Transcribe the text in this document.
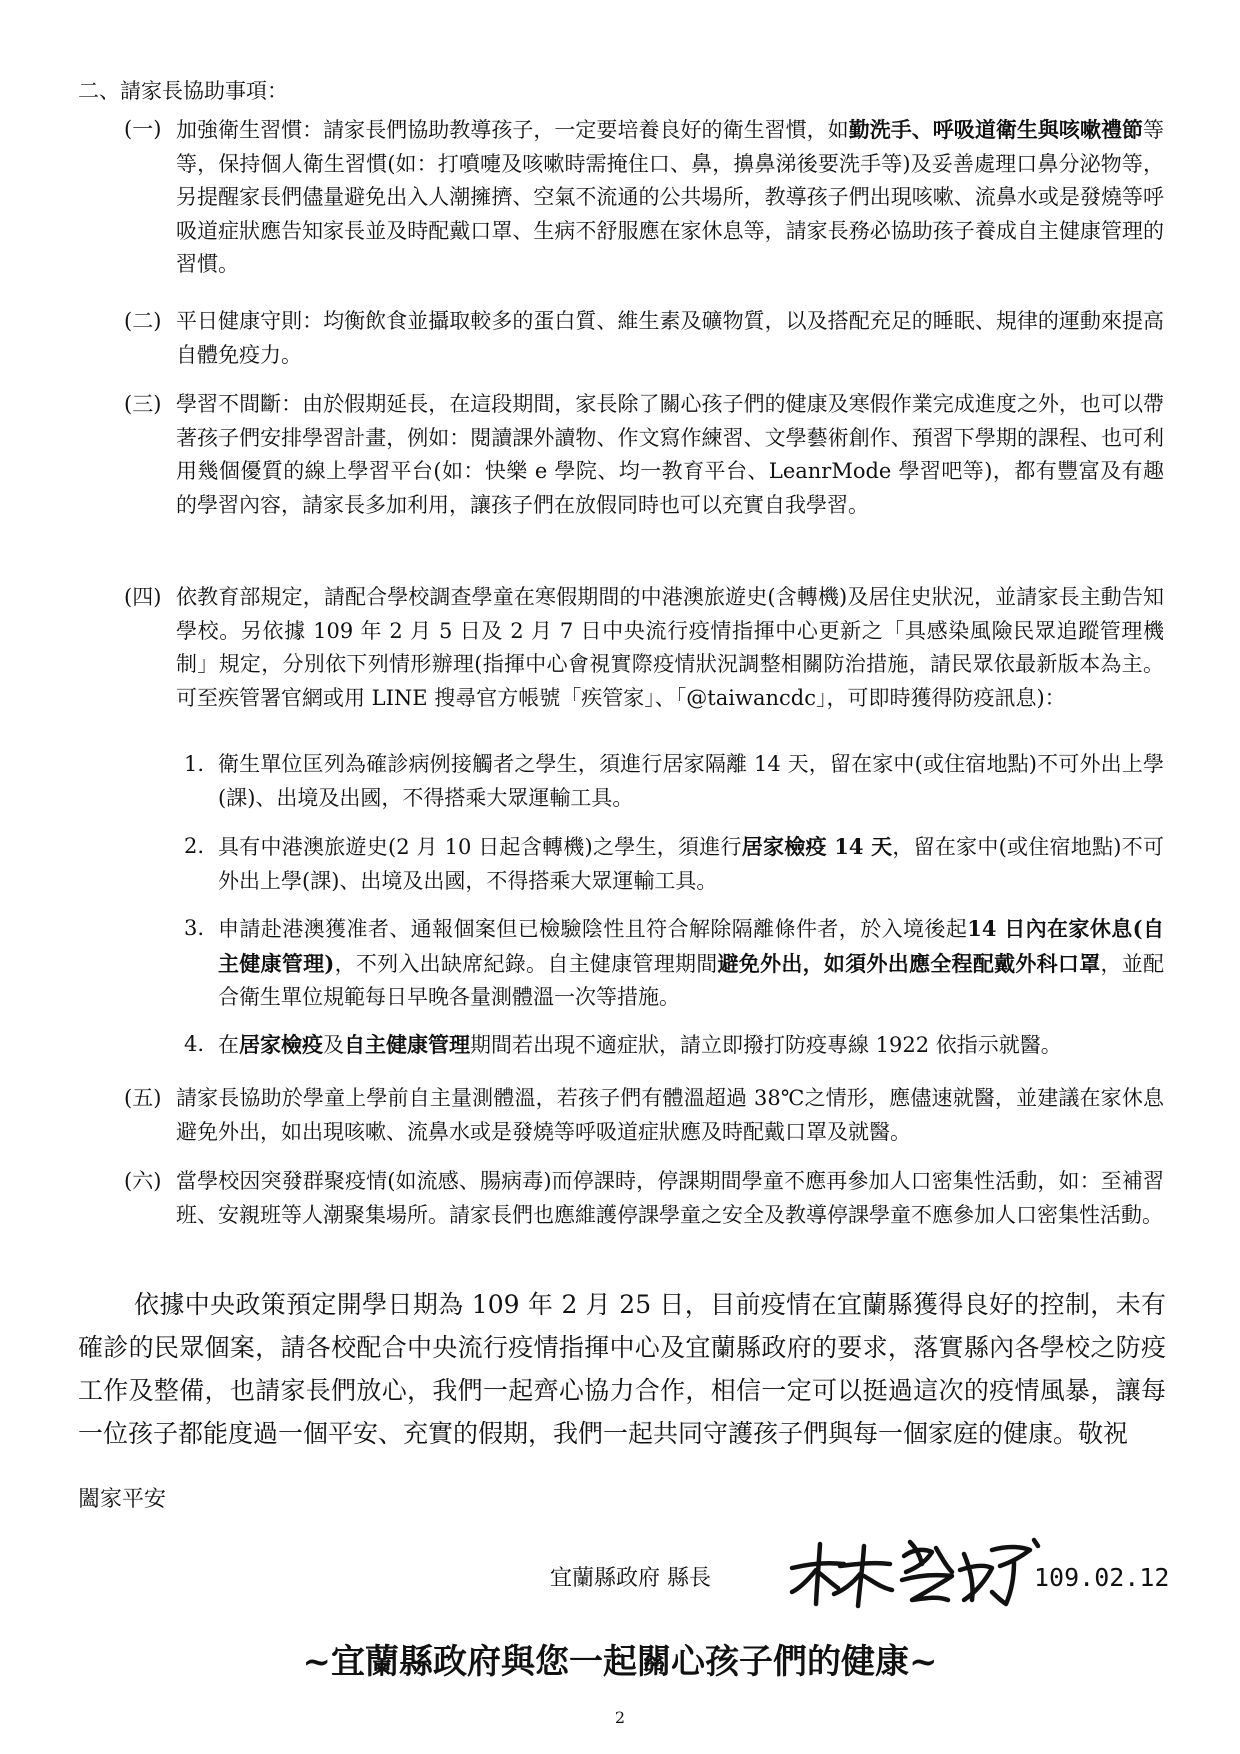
二、請家長協助事項：
(一) 加強衛生習慣：請家長們協助教導孩子，一定要培養良好的衛生習慣，如勤洗手、呼吸道衛生與咳嗽禮節等等，保持個人衛生習慣(如：打噴嚏及咳嗽時需掩住口、鼻，擤鼻涕後要洗手等)及妥善處理口鼻分泌物等，另提醒家長們儘量避免出入人潮擁擠、空氣不流通的公共場所，教導孩子們出現咳嗽、流鼻水或是發燒等呼吸道症狀應告知家長並及時配戴口罩、生病不舒服應在家休息等，請家長務必協助孩子養成自主健康管理的習慣。
(二) 平日健康守則：均衡飲食並攝取較多的蛋白質、維生素及礦物質，以及搭配充足的睡眠、規律的運動來提高自體免疫力。
(三) 學習不間斷：由於假期延長，在這段期間，家長除了關心孩子們的健康及寒假作業完成進度之外，也可以帶著孩子們安排學習計畫，例如：閱讀課外讀物、作文寫作練習、文學藝術創作、預習下學期的課程、也可利用幾個優質的線上學習平台(如：快樂 e 學院、均一教育平台、LeanrMode 學習吧等)，都有豐富及有趣的學習內容，請家長多加利用，讓孩子們在放假同時也可以充實自我學習。
(四) 依教育部規定，請配合學校調查學童在寒假期間的中港澳旅遊史(含轉機)及居住史狀況，並請家長主動告知學校。另依據 109 年 2 月 5 日及 2 月 7 日中央流行疫情指揮中心更新之「具感染風險民眾追蹤管理機制」規定，分別依下列情形辦理(指揮中心會視實際疫情狀況調整相關防治措施，請民眾依最新版本為主。可至疾管署官網或用 LINE 搜尋官方帳號「疾管家」、「@taiwancdc」，可即時獲得防疫訊息)：
1. 衛生單位匡列為確診病例接觸者之學生，須進行居家隔離 14 天，留在家中(或住宿地點)不可外出上學(課)、出境及出國，不得搭乘大眾運輸工具。
2. 具有中港澳旅遊史(2 月 10 日起含轉機)之學生，須進行居家檢疫 14 天，留在家中(或住宿地點)不可外出上學(課)、出境及出國，不得搭乘大眾運輸工具。
3. 申請赴港澳獲准者、通報個案但已檢驗陰性且符合解除隔離條件者，於入境後起14 日內在家休息(自主健康管理)，不列入出缺席紀錄。自主健康管理期間避免外出，如須外出應全程配戴外科口罩，並配合衛生單位規範每日早晚各量測體溫一次等措施。
4. 在居家檢疫及自主健康管理期間若出現不適症狀，請立即撥打防疫專線 1922 依指示就醫。
(五) 請家長協助於學童上學前自主量測體溫，若孩子們有體溫超過 38℃之情形，應儘速就醫，並建議在家休息避免外出，如出現咳嗽、流鼻水或是發燒等呼吸道症狀應及時配戴口罩及就醫。
(六) 當學校因突發群聚疫情(如流感、腸病毒)而停課時，停課期間學童不應再參加人口密集性活動，如：至補習班、安親班等人潮聚集場所。請家長們也應維護停課學童之安全及教導停課學童不應參加人口密集性活動。
依據中央政策預定開學日期為 109 年 2 月 25 日，目前疫情在宜蘭縣獲得良好的控制，未有確診的民眾個案，請各校配合中央流行疫情指揮中心及宜蘭縣政府的要求，落實縣內各學校之防疫工作及整備，也請家長們放心，我們一起齊心協力合作，相信一定可以挺過這次的疫情風暴，讓每一位孩子都能度過一個平安、充實的假期，我們一起共同守護孩子們與每一個家庭的健康。敬祝
闔家平安
宜蘭縣政府 縣長
林姿妙
109.02.12
~宜蘭縣政府與您一起關心孩子們的健康~
2
